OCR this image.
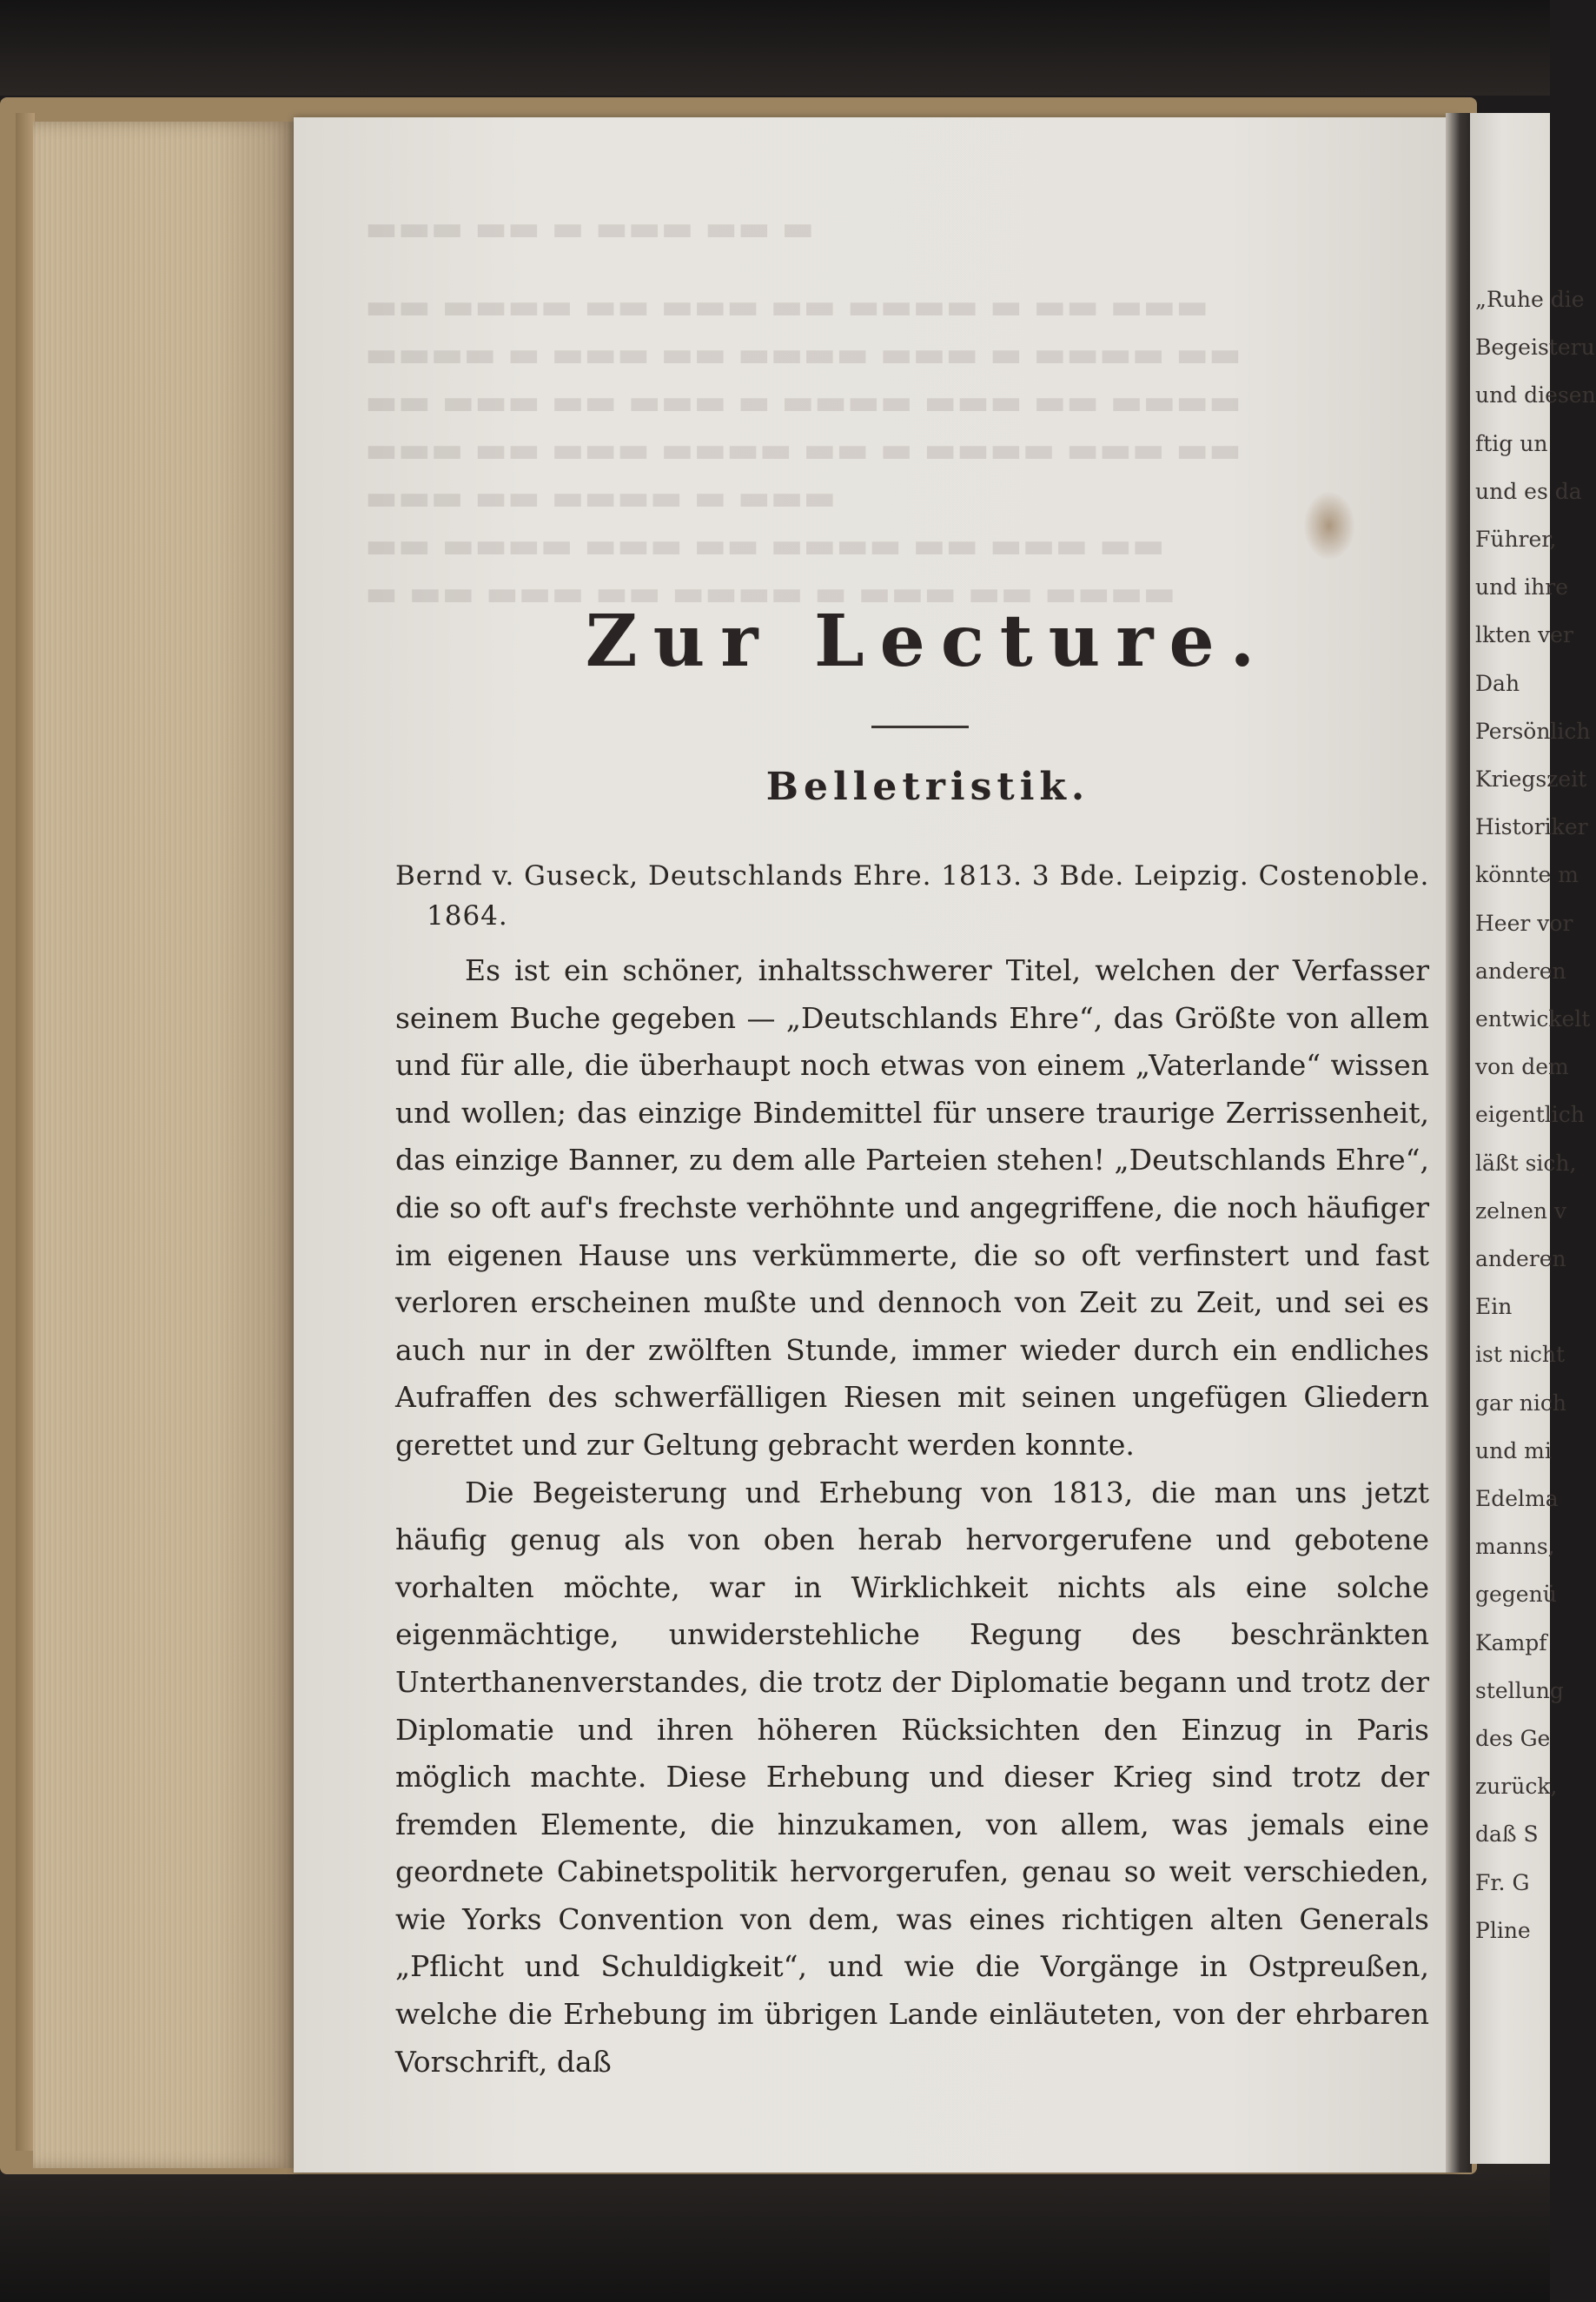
▬ ▬▬ ▬▬▬ ▬ ▬▬ ▬▬▬
▬▬▬ ▬▬ ▬ ▬▬▬▬ ▬▬ ▬▬▬ ▬▬ ▬▬▬▬ ▬▬
▬▬ ▬▬▬▬ ▬ ▬▬▬ ▬▬▬▬ ▬▬ ▬▬▬ ▬ ▬▬▬▬
▬▬▬▬ ▬▬ ▬▬▬ ▬▬▬▬ ▬ ▬▬▬ ▬▬ ▬▬▬ ▬▬
▬▬ ▬▬▬ ▬▬▬▬ ▬ ▬▬ ▬▬▬▬ ▬▬▬ ▬▬ ▬▬▬
▬▬▬ ▬ ▬▬▬▬ ▬▬ ▬▬▬
▬▬ ▬▬▬ ▬▬ ▬▬▬▬ ▬▬ ▬▬▬ ▬▬▬▬ ▬▬
▬▬▬▬ ▬▬ ▬▬▬ ▬ ▬▬▬▬ ▬▬ ▬▬▬ ▬▬ ▬
Zur Lecture.
Belletristik.

Bernd v. Guseck, Deutschlands Ehre. 1813. 3 Bde. Leipzig. Costenoble. 1864.

Es ist ein schöner, inhaltsschwerer Titel, welchen der Verfasser seinem Buche gegeben — „Deutschlands Ehre“, das Größte von allem und für alle, die überhaupt noch etwas von einem „Vaterlande“ wissen und wollen; das einzige Bindemittel für unsere traurige Zerrissenheit, das einzige Banner, zu dem alle Parteien stehen! „Deutschlands Ehre“, die so oft auf's frechste verhöhnte und angegriffene, die noch häufiger im eigenen Hause uns verkümmerte, die so oft verfinstert und fast verloren erscheinen mußte und dennoch von Zeit zu Zeit, und sei es auch nur in der zwölften Stunde, immer wieder durch ein endliches Aufraffen des schwerfälligen Riesen mit seinen ungefügen Gliedern gerettet und zur Geltung gebracht werden konnte.

Die Begeisterung und Erhebung von 1813, die man uns jetzt häufig genug als von oben herab hervorgerufene und gebotene vorhalten möchte, war in Wirklichkeit nichts als eine solche eigenmächtige, unwiderstehliche Regung des beschränkten Unterthanenverstandes, die trotz der Diplomatie begann und trotz der Diplomatie und ihren höheren Rücksichten den Einzug in Paris möglich machte. Diese Erhebung und dieser Krieg sind trotz der fremden Elemente, die hinzukamen, von allem, was jemals eine geordnete Cabinetspolitik hervorgerufen, genau so weit verschieden, wie Yorks Convention von dem, was eines richtigen alten Generals „Pflicht und Schuldigkeit“, und wie die Vorgänge in Ostpreußen, welche die Erhebung im übrigen Lande einläuteten, von der ehrbaren Vorschrift, daß

„Ruhe die
Begeisteru
und diesen
ftig un
und es da
Führer,
und ihre
lkten ver
Dah
Persönlich
Kriegszeit
Historiker
könnte m
Heer vor
anderen
entwickelt
von dem
eigentlich
läßt sich,
zelnen v
anderen
Ein
ist nicht
gar nich
und mi
Edelma
manns,
gegenü
Kampf
stellung
des Ge
zurück,
daß S
Fr. G
Pline
